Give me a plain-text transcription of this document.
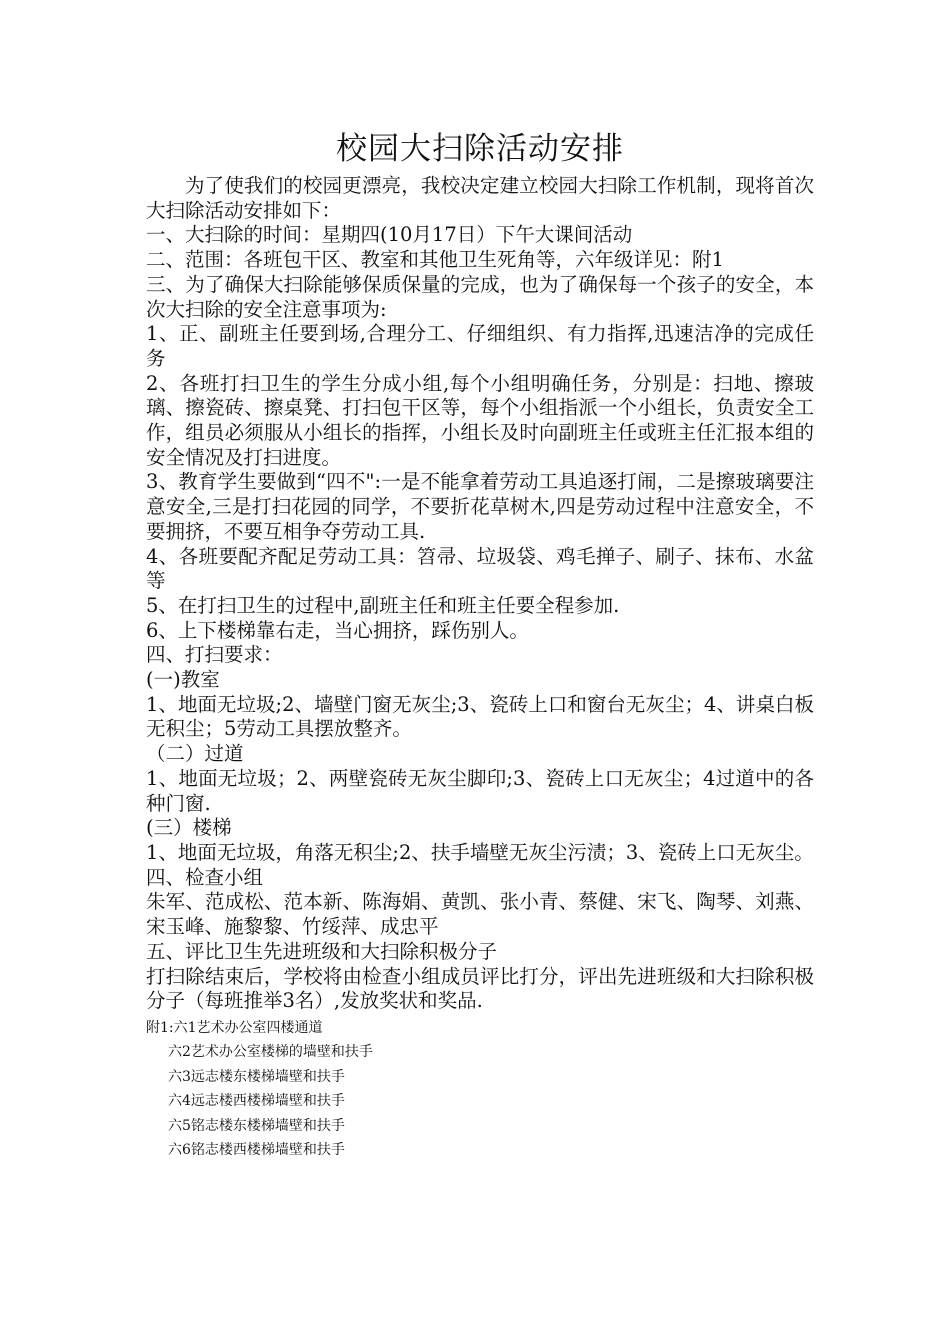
校园大扫除活动安排

为了使我们的校园更漂亮，我校决定建立校园大扫除工作机制，现将首次大扫除活动安排如下：

一、大扫除的时间：星期四(10月17日）下午大课间活动

二、范围：各班包干区、教室和其他卫生死角等，六年级详见：附1

三、为了确保大扫除能够保质保量的完成，也为了确保每一个孩子的安全，本次大扫除的安全注意事项为:

1、正、副班主任要到场,合理分工、仔细组织、有力指挥,迅速洁净的完成任务

2、各班打扫卫生的学生分成小组,每个小组明确任务，分别是：扫地、擦玻璃、擦瓷砖、擦桌凳、打扫包干区等，每个小组指派一个小组长，负责安全工作，组员必须服从小组长的指挥，小组长及时向副班主任或班主任汇报本组的安全情况及打扫进度。

3、教育学生要做到“四不":一是不能拿着劳动工具追逐打闹，二是擦玻璃要注意安全,三是打扫花园的同学，不要折花草树木,四是劳动过程中注意安全，不要拥挤，不要互相争夺劳动工具.

4、各班要配齐配足劳动工具：笤帚、垃圾袋、鸡毛掸子、刷子、抹布、水盆等

5、在打扫卫生的过程中,副班主任和班主任要全程参加.

6、上下楼梯靠右走，当心拥挤，踩伤别人。

四、打扫要求：

(一)教室

1、地面无垃圾;2、墙壁门窗无灰尘;3、瓷砖上口和窗台无灰尘；4、讲桌白板无积尘；5劳动工具摆放整齐。

（二）过道

1、地面无垃圾；2、两壁瓷砖无灰尘脚印;3、瓷砖上口无灰尘；4过道中的各种门窗.

(三）楼梯

1、地面无垃圾，角落无积尘;2、扶手墙壁无灰尘污渍；3、瓷砖上口无灰尘。

四、检查小组

朱军、范成松、范本新、陈海娟、黄凯、张小青、蔡健、宋飞、陶琴、刘燕、宋玉峰、施黎黎、竹绥萍、成忠平

五、评比卫生先进班级和大扫除积极分子

打扫除结束后，学校将由检查小组成员评比打分，评出先进班级和大扫除积极分子（每班推举3名）,发放奖状和奖品.

附1:六1艺术办公室四楼通道

六2艺术办公室楼梯的墙壁和扶手

六3远志楼东楼梯墙壁和扶手

六4远志楼西楼梯墙壁和扶手

六5铭志楼东楼梯墙壁和扶手

六6铭志楼西楼梯墙壁和扶手
